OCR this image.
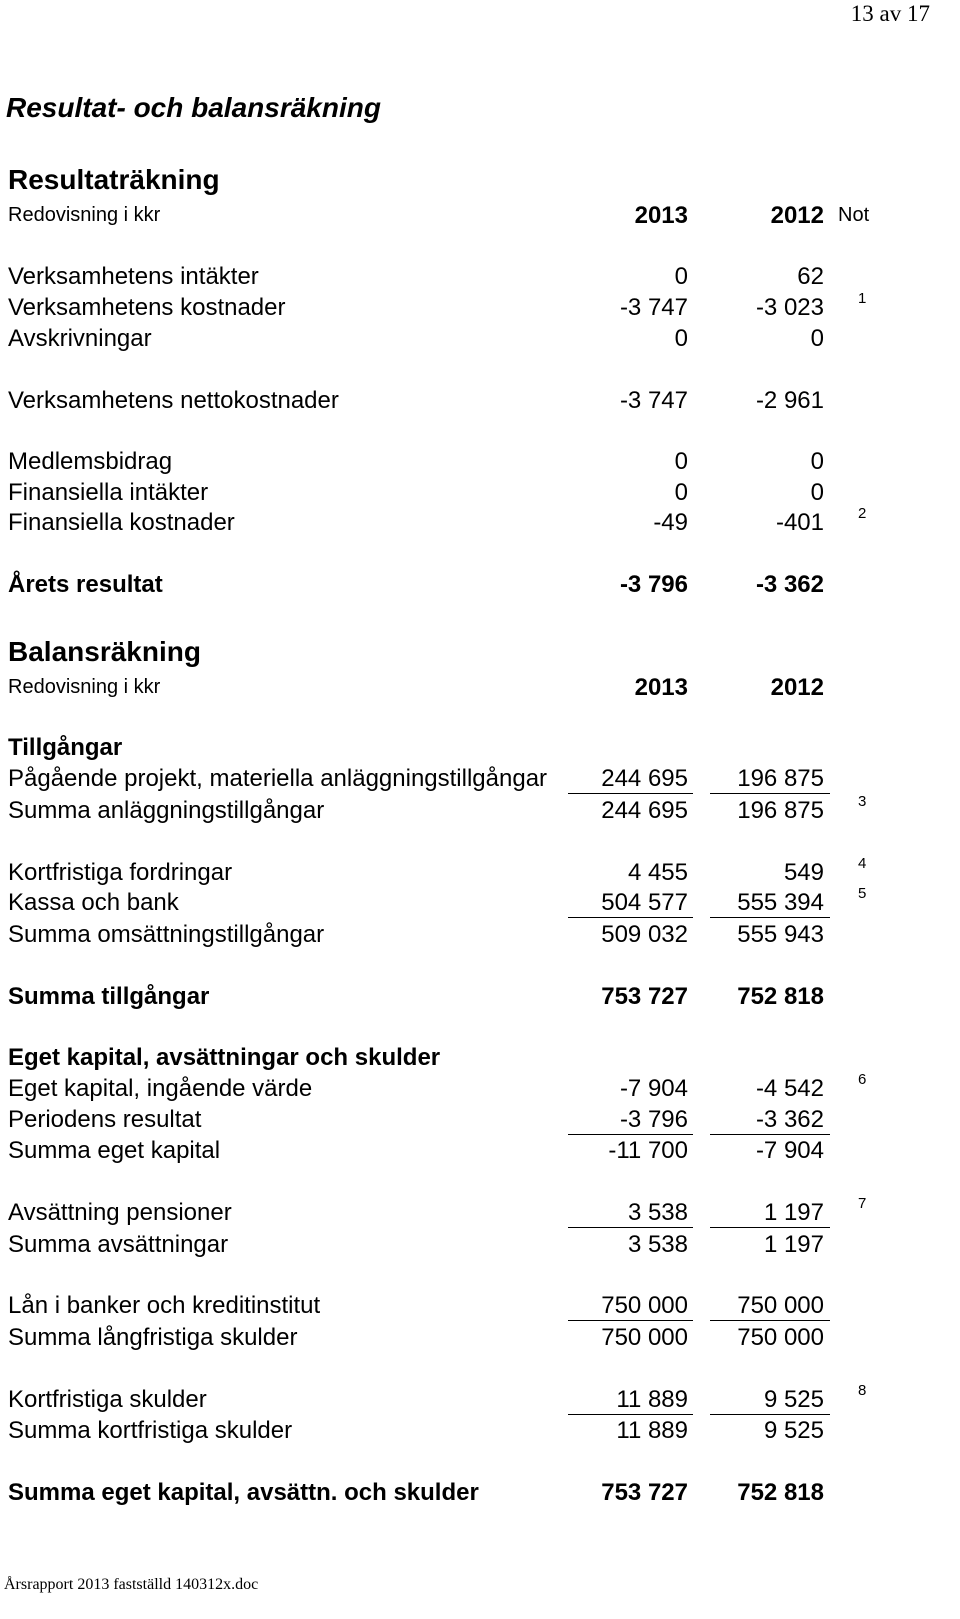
13 av 17
Resultat- och balansräkning
Resultaträkning
Redovisning i kkr	2013	2012 Not
Verksamhetens intäkter	0	62
Verksamhetens kostnader	-3 747	-3 023	1
Avskrivningar	0	0
Verksamhetens nettokostnader	-3 747	-2 961
Medlemsbidrag	0	0
Finansiella intäkter	0	0
Finansiella kostnader	-49	-401	2
Årets resultat	-3 796	-3 362
Balansräkning
Redovisning i kkr	2013	2012
Tillgångar
Pågående projekt, materiella anläggningstillgångar	244 695	196 875
Summa anläggningstillgångar	244 695	196 875	3
Kortfristiga fordringar	4 455	549	4
Kassa och bank	504 577	555 394	5
Summa omsättningstillgångar	509 032	555 943
Summa tillgångar	753 727	752 818
Eget kapital, avsättningar och skulder
Eget kapital, ingående värde	-7 904	-4 542	6
Periodens resultat	-3 796	-3 362
Summa eget kapital	-11 700	-7 904
Avsättning pensioner	3 538	1 197	7
Summa avsättningar	3 538	1 197
Lån i banker och kreditinstitut	750 000	750 000
Summa långfristiga skulder	750 000	750 000
Kortfristiga skulder	11 889	9 525	8
Summa kortfristiga skulder	11 889	9 525
Summa eget kapital, avsättn. och skulder	753 727	752 818
Årsrapport 2013 fastställd 140312x.doc
